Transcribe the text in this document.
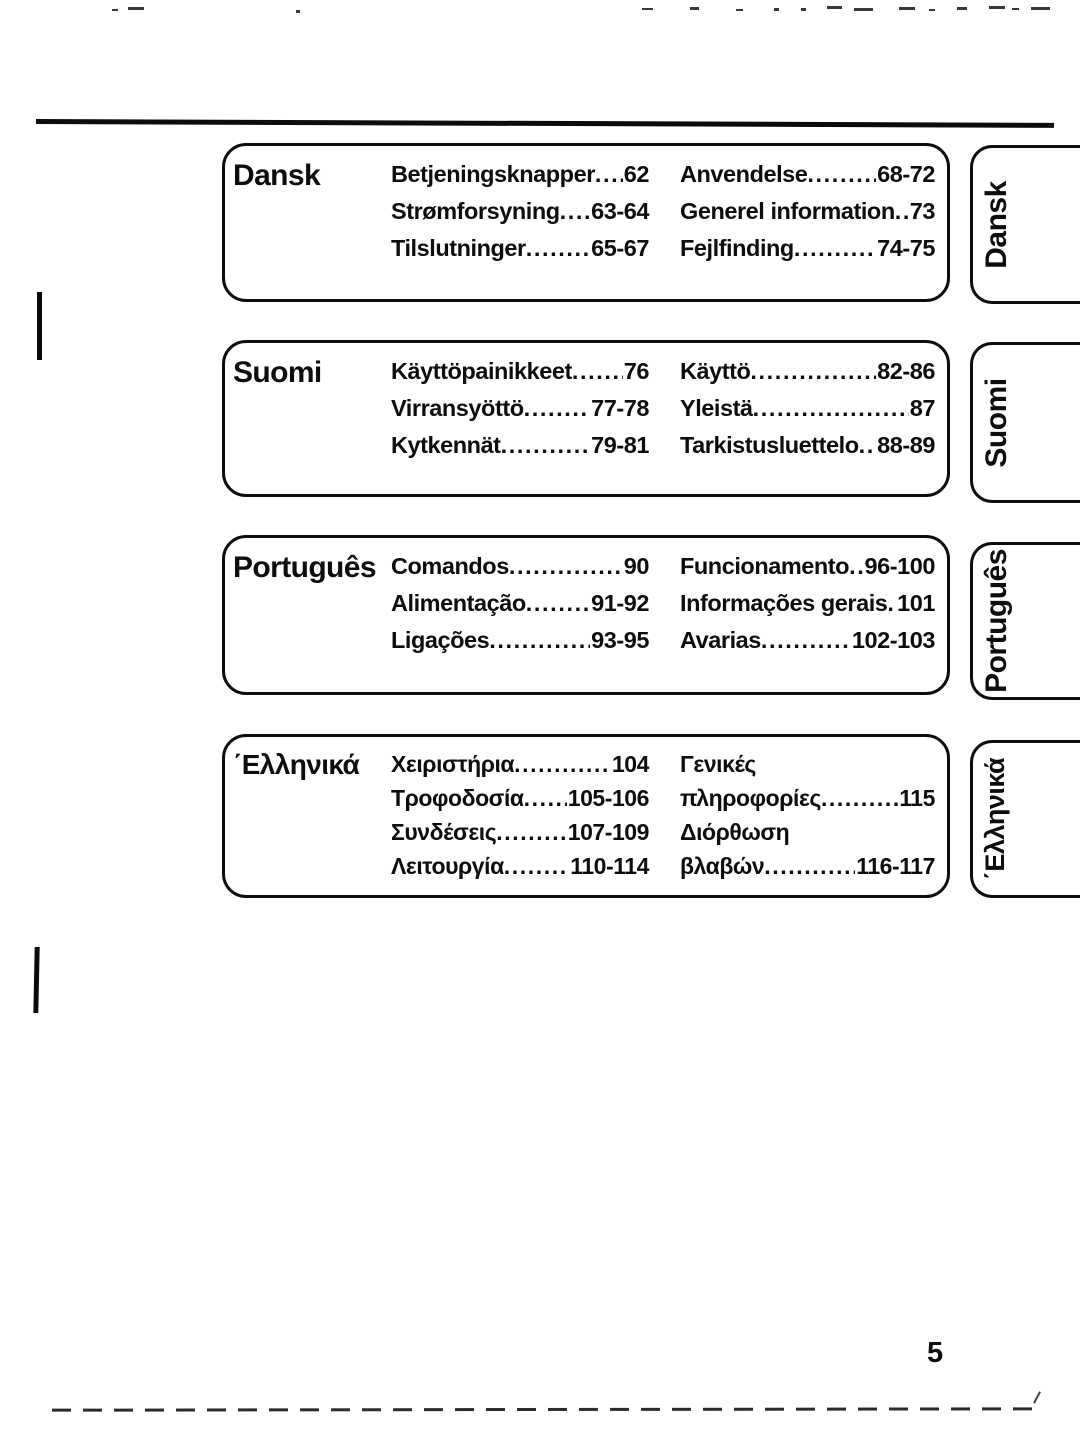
Dansk	Betjeningsknapper ..... 62
Strømforsyning ..... 63-64
Tilslutninger .....	65-67
Anvendelse .....	68-72
Generel information ..... 73
Fejlfinding .....	74-75 Dansk
Suomi	Käyttöpainikkeet ..... 76
Virransyöttö .....	77-78
Kytkennät .....	79-81
Käyttö .....	82-86
Yleistä .....	87
Tarkistusluettelo ..... 88-89 Suomi
Português Comandos .....	90
Alimentação .....	91-92
Ligações .....	93-95
Funcionamento ..... 96-100
Informações gerais ..... 101
Avarias .....	102-103 Português
΄Ελληνικά Χειριστήρια .....	104
Τροφοδοσία ..... 105-106
Συνδέσεις .....	107-109
Λειτουργία .....	110-114
Γενικές
πληροφορίες .....	115
Διόρθωση
βλαβών .....	116-117 ΄Ελληνικά
5
